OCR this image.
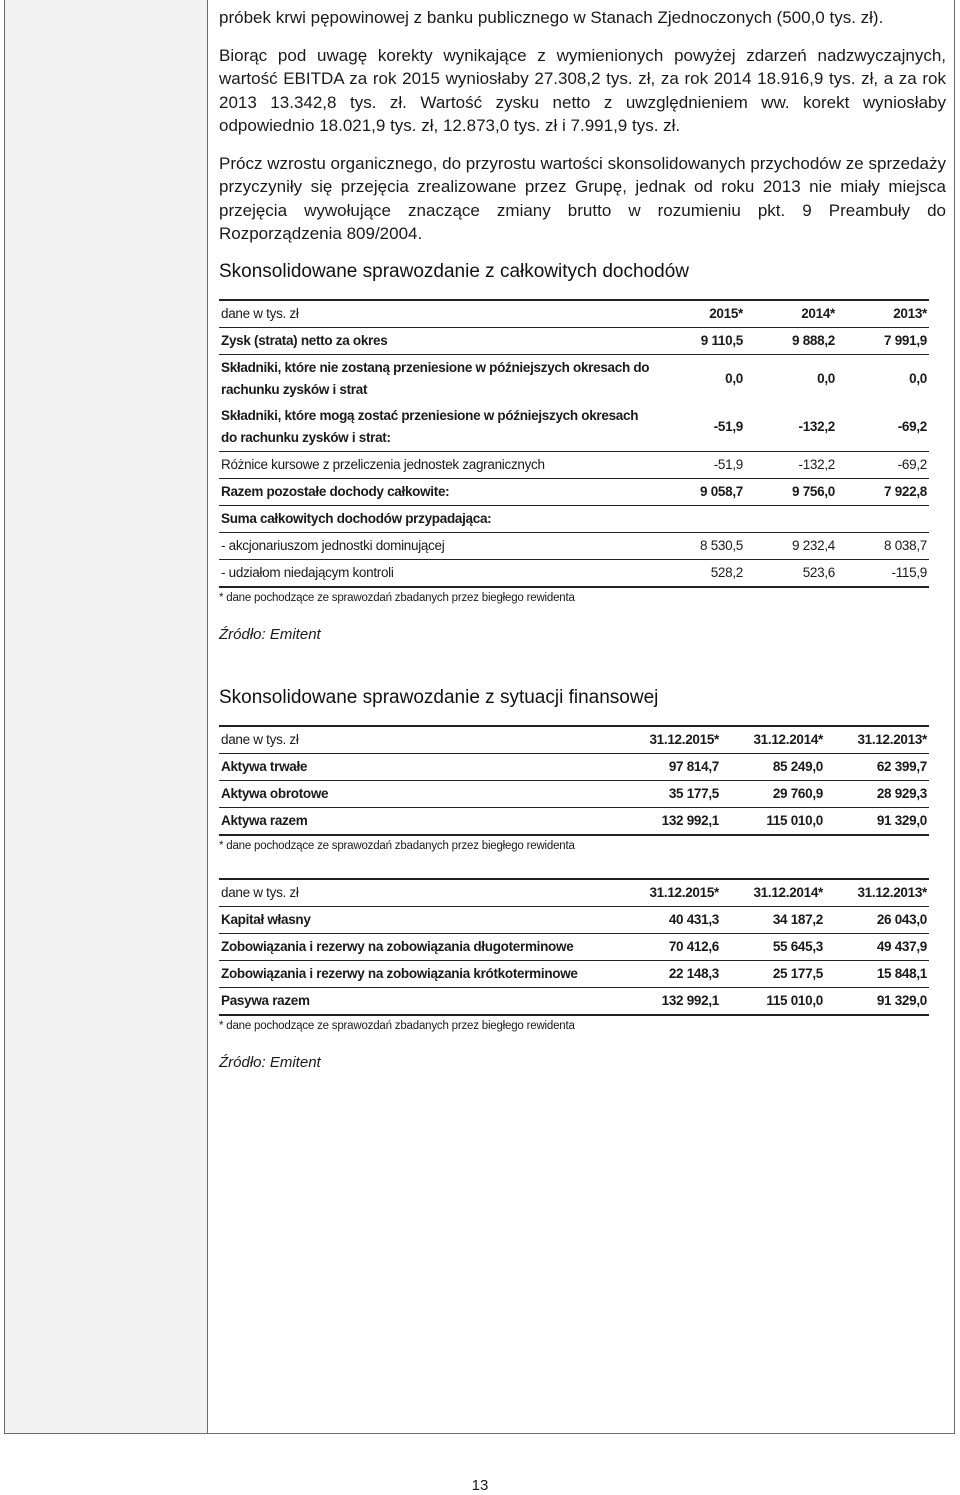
próbek krwi pępowinowej z banku publicznego w Stanach Zjednoczonych (500,0 tys. zł).

Biorąc pod uwagę korekty wynikające z wymienionych powyżej zdarzeń nadzwyczajnych, wartość EBITDA za rok 2015 wyniosłaby 27.308,2 tys. zł, za rok 2014 18.916,9 tys. zł, a za rok 2013 13.342,8 tys. zł. Wartość zysku netto z uwzględnieniem ww. korekt wyniosłaby odpowiednio 18.021,9 tys. zł, 12.873,0 tys. zł i 7.991,9 tys. zł.

Prócz wzrostu organicznego, do przyrostu wartości skonsolidowanych przychodów ze sprzedaży przyczyniły się przejęcia zrealizowane przez Grupę, jednak od roku 2013 nie miały miejsca przejęcia wywołujące znaczące zmiany brutto w rozumieniu pkt. 9 Preambuły do Rozporządzenia 809/2004.

Skonsolidowane sprawozdanie z całkowitych dochodów
dane w tys. zł	2015*	2014*	2013*
Zysk (strata) netto za okres	9 110,5	9 888,2	7 991,9
Składniki, które nie zostaną przeniesione w późniejszych okresach do rachunku zysków i strat	0,0	0,0	0,0
Składniki, które mogą zostać przeniesione w późniejszych okresach do rachunku zysków i strat:	-51,9	-132,2	-69,2
Różnice kursowe z przeliczenia jednostek zagranicznych	-51,9	-132,2	-69,2
Razem pozostałe dochody całkowite:	9 058,7	9 756,0	7 922,8
Suma całkowitych dochodów przypadająca:			
- akcjonariuszom jednostki dominującej	8 530,5	9 232,4	8 038,7
- udziałom niedającym kontroli	528,2	523,6	-115,9
* dane pochodzące ze sprawozdań zbadanych przez biegłego rewidenta
Źródło: Emitent
Skonsolidowane sprawozdanie z sytuacji finansowej
dane w tys. zł	31.12.2015*	31.12.2014*	31.12.2013*
Aktywa trwałe	97 814,7	85 249,0	62 399,7
Aktywa obrotowe	35 177,5	29 760,9	28 929,3
Aktywa razem	132 992,1	115 010,0	91 329,0
* dane pochodzące ze sprawozdań zbadanych przez biegłego rewidenta
dane w tys. zł	31.12.2015*	31.12.2014*	31.12.2013*
Kapitał własny	40 431,3	34 187,2	26 043,0
Zobowiązania i rezerwy na zobowiązania długoterminowe	70 412,6	55 645,3	49 437,9
Zobowiązania i rezerwy na zobowiązania krótkoterminowe	22 148,3	25 177,5	15 848,1
Pasywa razem	132 992,1	115 010,0	91 329,0
* dane pochodzące ze sprawozdań zbadanych przez biegłego rewidenta
Źródło: Emitent
13
